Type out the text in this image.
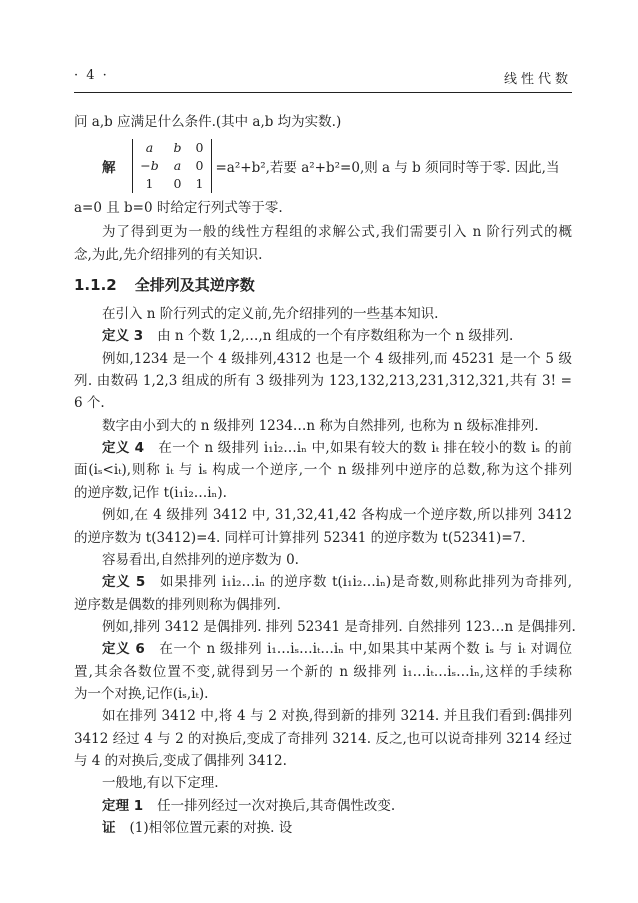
· 4 ·	线性代数
问 a,b 应满足什么条件.(其中 a,b 均为实数.)
解
a	b	0
−b	a	0
1	0	1
=a²+b²,若要 a²+b²=0,则 a 与 b 须同时等于零. 因此,当
a=0 且 b=0 时给定行列式等于零.
为了得到更为一般的线性方程组的求解公式,我们需要引入 n 阶行列式的概
念,为此,先介绍排列的有关知识.
1.1.2 全排列及其逆序数
在引入 n 阶行列式的定义前,先介绍排列的一些基本知识.
定义 3 由 n 个数 1,2,…,n 组成的一个有序数组称为一个 n 级排列.
例如,1234 是一个 4 级排列,4312 也是一个 4 级排列,而 45231 是一个 5 级
列. 由数码 1,2,3 组成的所有 3 级排列为 123,132,213,231,312,321,共有 3! =
6 个.
数字由小到大的 n 级排列 1234…n 称为自然排列, 也称为 n 级标准排列.
定义 4 在一个 n 级排列 i₁i₂…iₙ 中,如果有较大的数 iₜ 排在较小的数 iₛ 的前
面(iₛ<iₜ),则称 iₜ 与 iₛ 构成一个逆序,一个 n 级排列中逆序的总数,称为这个排列
的逆序数,记作 t(i₁i₂…iₙ).
例如,在 4 级排列 3412 中, 31,32,41,42 各构成一个逆序数,所以排列 3412
的逆序数为 t(3412)=4. 同样可计算排列 52341 的逆序数为 t(52341)=7.
容易看出,自然排列的逆序数为 0.
定义 5 如果排列 i₁i₂…iₙ 的逆序数 t(i₁i₂…iₙ)是奇数,则称此排列为奇排列,
逆序数是偶数的排列则称为偶排列.
例如,排列 3412 是偶排列. 排列 52341 是奇排列. 自然排列 123…n 是偶排列.
定义 6 在一个 n 级排列 i₁…iₛ…iₜ…iₙ 中,如果其中某两个数 iₛ 与 iₜ 对调位
置,其余各数位置不变,就得到另一个新的 n 级排列 i₁…iₜ…iₛ…iₙ,这样的手续称
为一个对换,记作(iₛ,iₜ).
如在排列 3412 中,将 4 与 2 对换,得到新的排列 3214. 并且我们看到:偶排列
3412 经过 4 与 2 的对换后,变成了奇排列 3214. 反之,也可以说奇排列 3214 经过
与 4 的对换后,变成了偶排列 3412.
一般地,有以下定理.
定理 1 任一排列经过一次对换后,其奇偶性改变.
证 (1)相邻位置元素的对换. 设
